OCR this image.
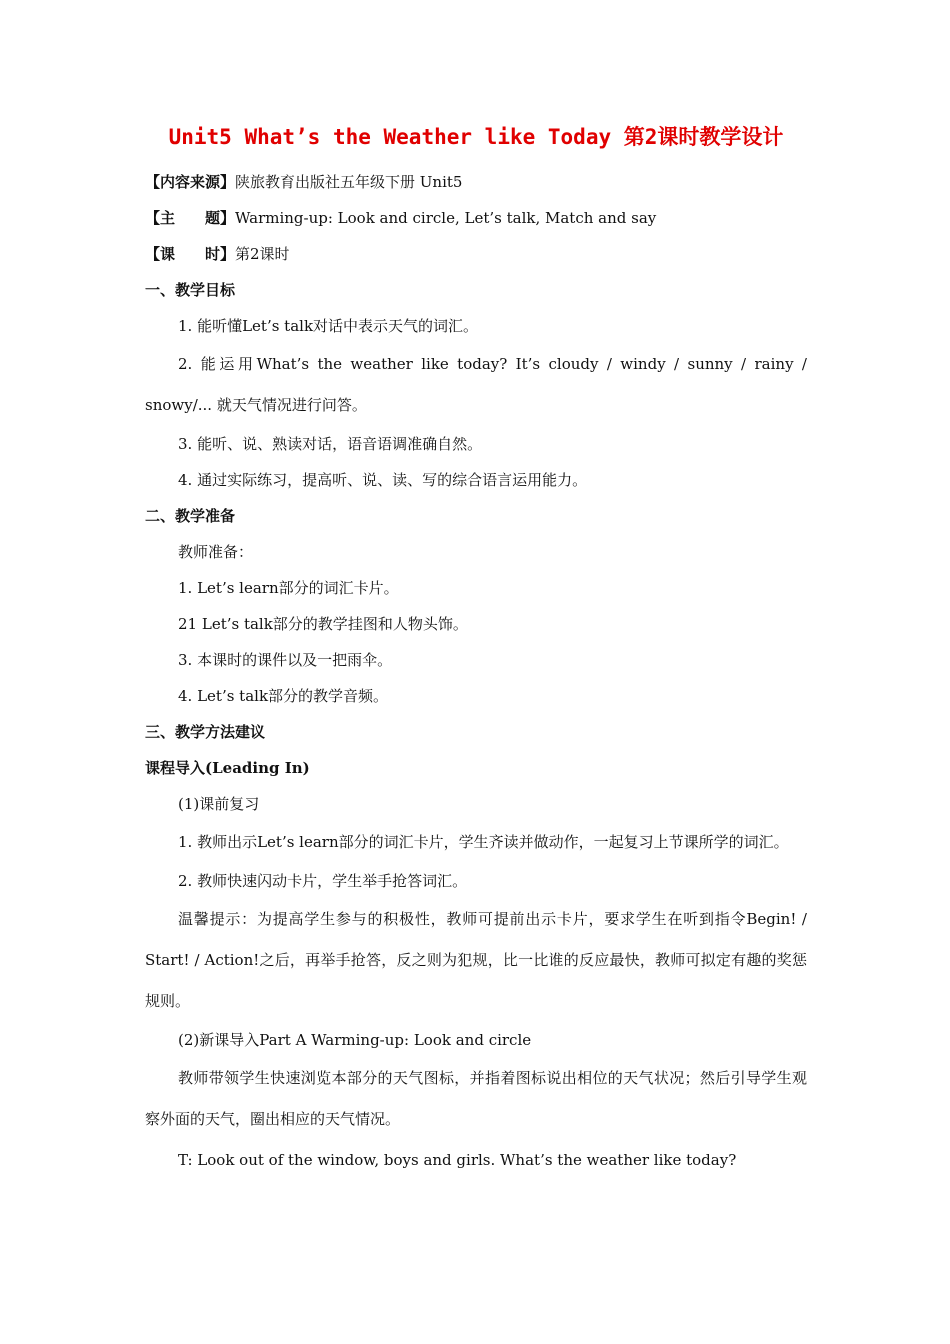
Unit5 What’s the Weather like Today 第2课时教学设计
【内容来源】陕旅教育出版社五年级下册 Unit5
【主　　题】Warming-up: Look and circle, Let’s talk, Match and say
【课　　时】第2课时
一、教学目标
1. 能听懂Let’s talk对话中表示天气的词汇。
2. 能运用What’s the weather like today? It’s cloudy / windy / sunny / rainy / snowy/... 就天气情况进行问答。
3. 能听、说、熟读对话，语音语调准确自然。
4. 通过实际练习，提高听、说、读、写的综合语言运用能力。
二、教学准备
教师准备：
1. Let’s learn部分的词汇卡片。
21 Let’s talk部分的教学挂图和人物头饰。
3. 本课时的课件以及一把雨伞。
4. Let’s talk部分的教学音频。
三、教学方法建议
课程导入(Leading In)
(1)课前复习
1. 教师出示Let’s learn部分的词汇卡片，学生齐读并做动作，一起复习上节课所学的词汇。
2. 教师快速闪动卡片，学生举手抢答词汇。
温馨提示：为提高学生参与的积极性，教师可提前出示卡片，要求学生在听到指令Begin! / Start! / Action!之后，再举手抢答，反之则为犯规，比一比谁的反应最快，教师可拟定有趣的奖惩规则。
(2)新课导入Part A Warming-up: Look and circle
教师带领学生快速浏览本部分的天气图标，并指着图标说出相位的天气状况；然后引导学生观察外面的天气，圈出相应的天气情况。
T: Look out of the window, boys and girls. What’s the weather like today?
